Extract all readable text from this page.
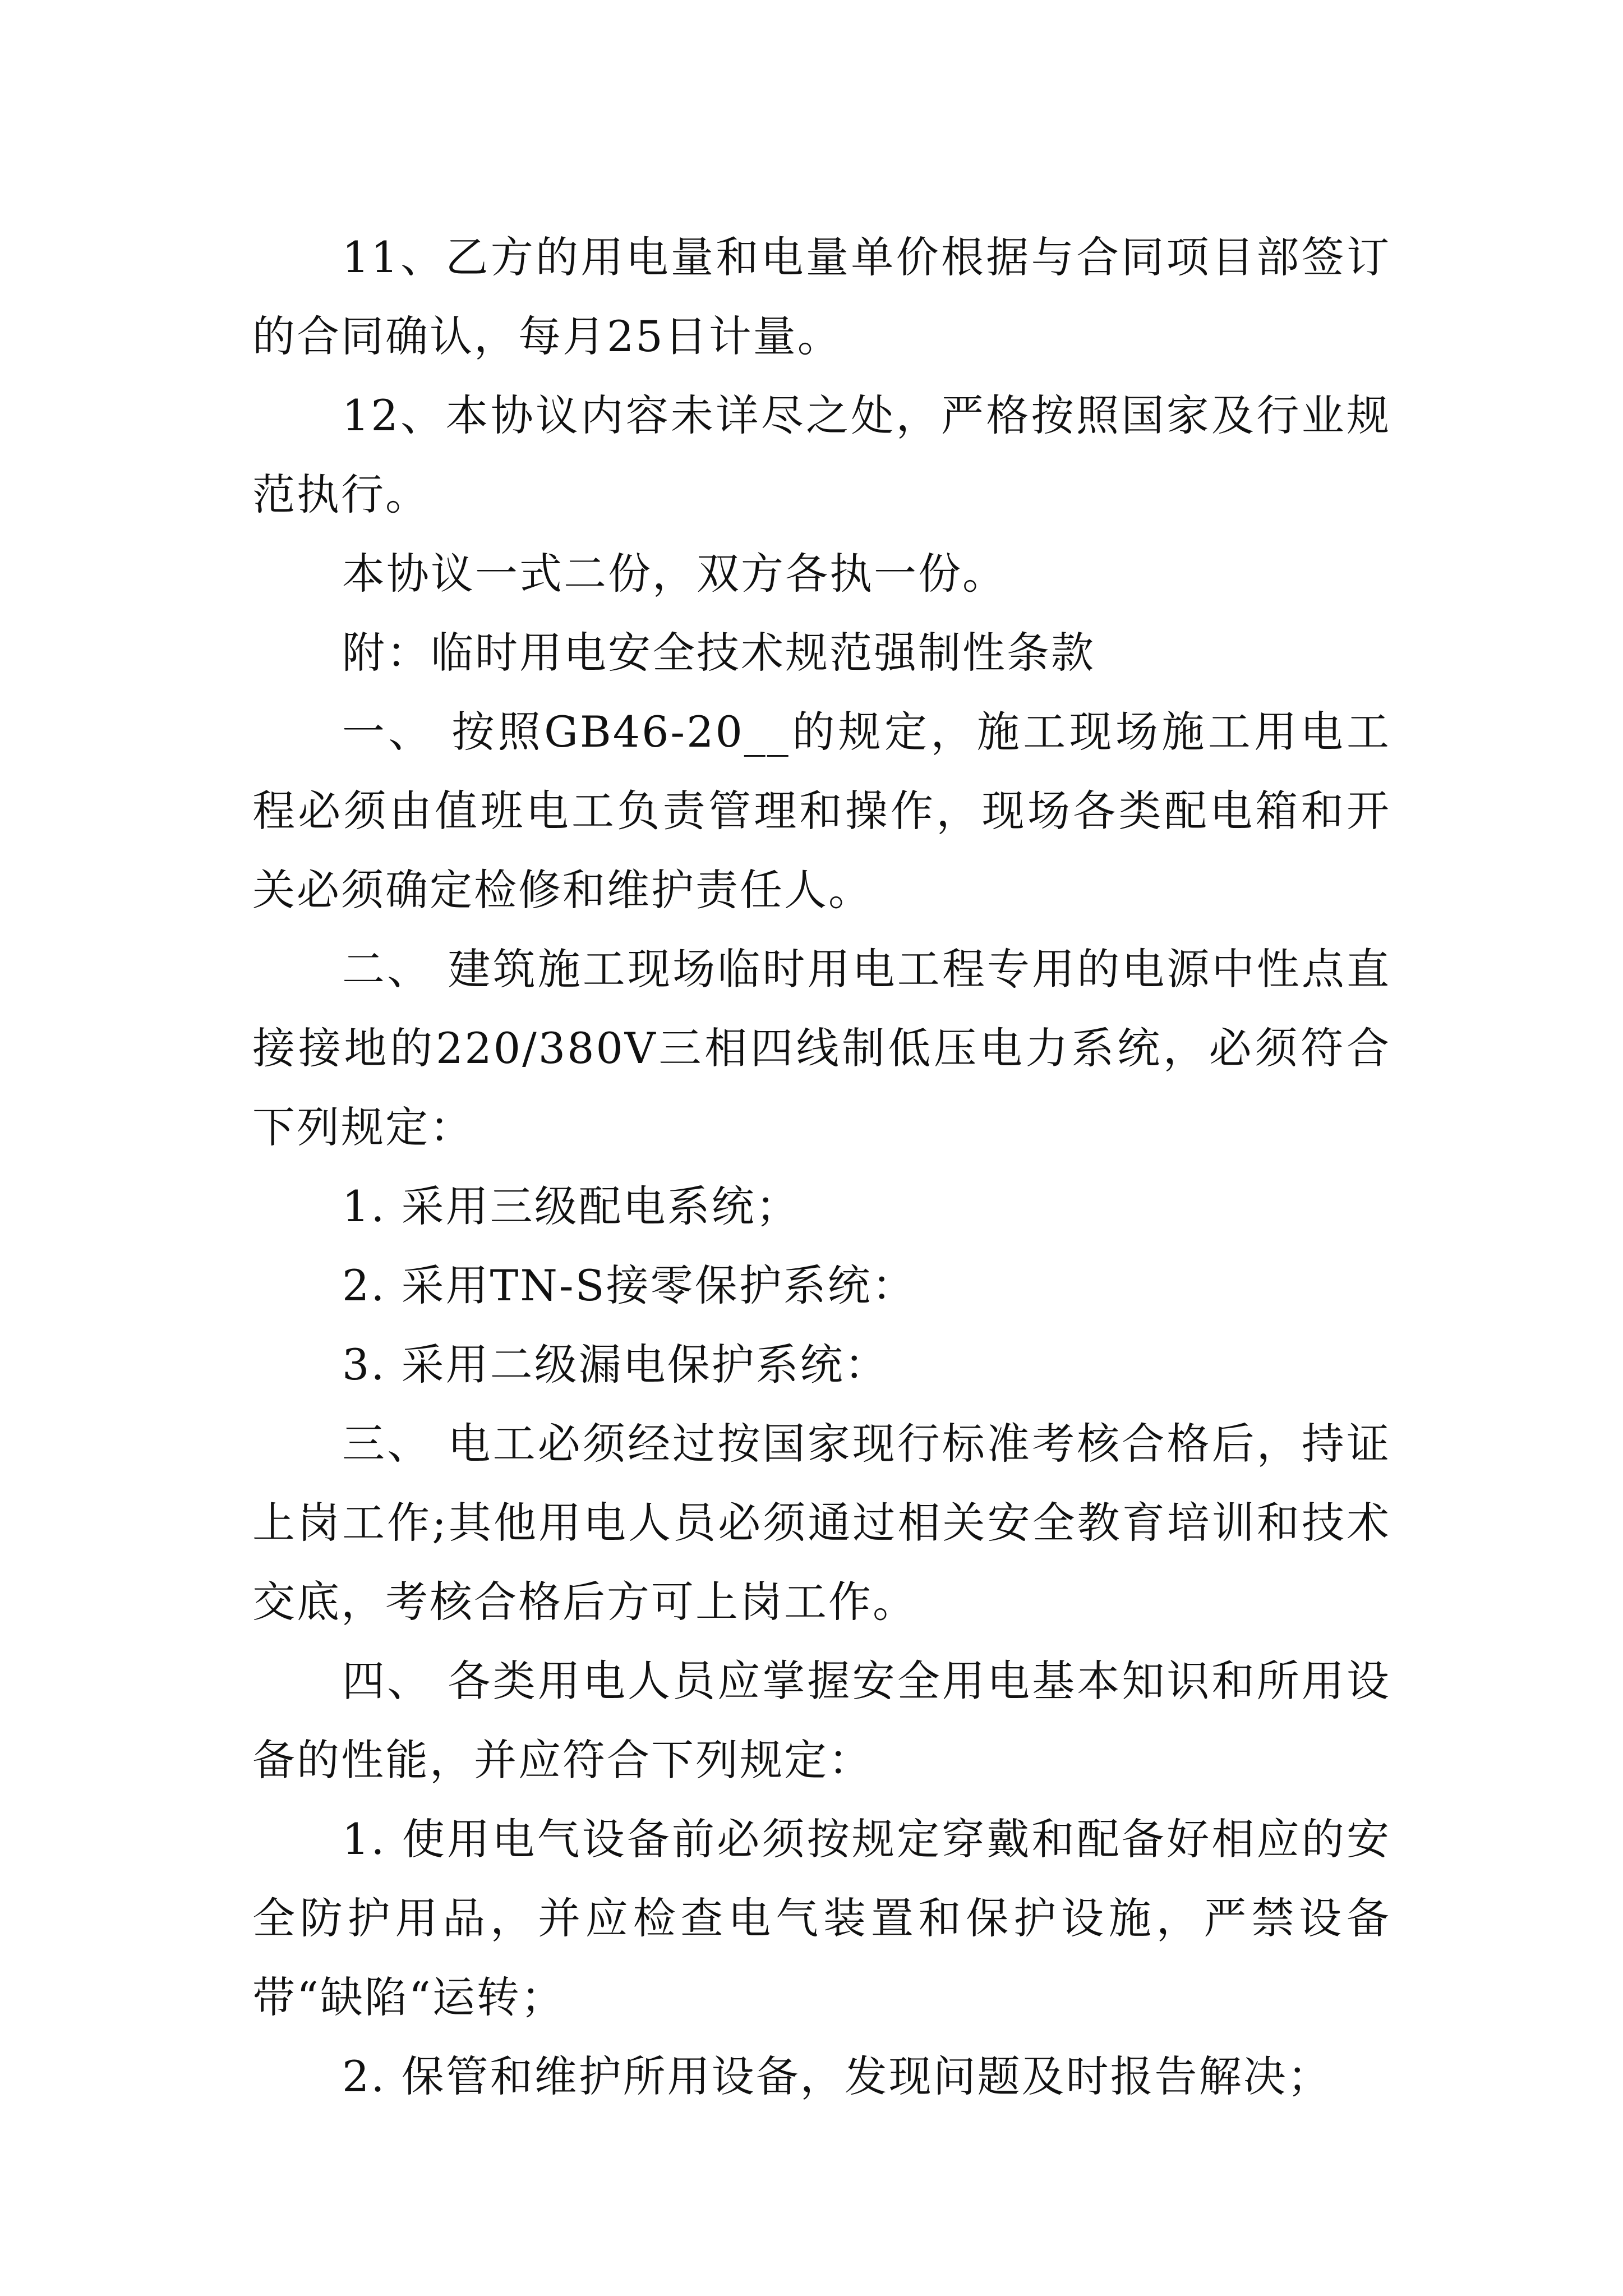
11、乙方的用电量和电量单价根据与合同项目部签订的合同确认，每月25日计量。

12、本协议内容未详尽之处，严格按照国家及行业规范执行。

本协议一式二份，双方各执一份。

附：临时用电安全技术规范强制性条款

一、 按照GB46-20__的规定，施工现场施工用电工程必须由值班电工负责管理和操作，现场各类配电箱和开关必须确定检修和维护责任人。

二、 建筑施工现场临时用电工程专用的电源中性点直接接地的220/380V三相四线制低压电力系统，必须符合下列规定：

1. 采用三级配电系统；

2. 采用TN-S接零保护系统：

3. 采用二级漏电保护系统：

三、 电工必须经过按国家现行标准考核合格后，持证上岗工作;其他用电人员必须通过相关安全教育培训和技术交底，考核合格后方可上岗工作。

四、 各类用电人员应掌握安全用电基本知识和所用设备的性能，并应符合下列规定：

1. 使用电气设备前必须按规定穿戴和配备好相应的安全防护用品，并应检查电气装置和保护设施，严禁设备带“缺陷“运转；

2. 保管和维护所用设备，发现问题及时报告解决；
